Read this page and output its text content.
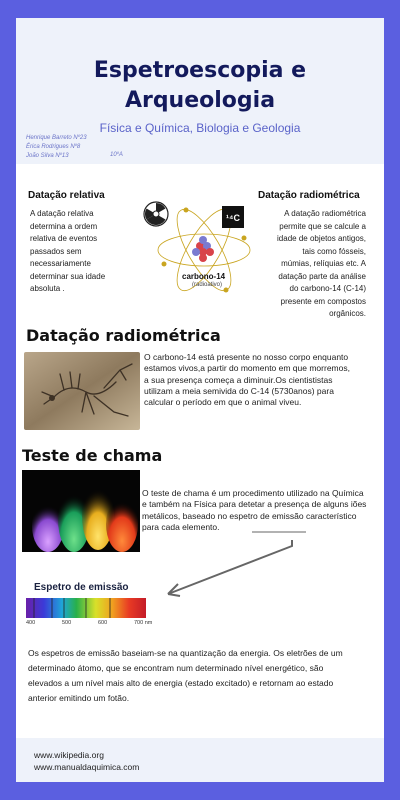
Espetroescopia e
Arqueologia
Física e Química, Biologia e Geologia
Henrique Barreto Nº23
Érica Rodrigues Nº8
João Silva Nº13	10ºA
Datação relativa
A datação relativa
determina a ordem
relativa de eventos
passados sem
necessariamente
determinar sua idade
absoluta .
Datação radiométrica
A datação radiométrica
permite que se calcule a
idade de objetos antigos,
tais como fósseis,
múmias, relíquias etc. A
datação parte da análise
do carbono-14 (C-14)
presente em compostos
orgânicos.
¹⁴C
carbono-14
(radioativo)
Datação radiométrica
O carbono-14 está presente no nosso corpo enquanto
estamos vivos,a partir do momento em que morremos,
a sua presença começa a diminuir.Os cientististas
utilizam a meia semivida do C-14 (5730anos) para
calcular o período em que o animal viveu.
Teste de chama
O teste de chama é um procedimento utilizado na Química
e também na Física para detetar a presença de alguns iões
metálicos, baseado no espetro de emissão característico
para cada elemento.
Espetro de emissão
400	500	600	700 nm
Os espetros de emissão baseiam-se na quantização da energia. Os eletrões de um
determinado átomo, que se encontram num determinado nível energético, são
elevados a um nível mais alto de energia (estado excitado) e retornam ao estado
anterior emitindo um fotão.
www.wikipedia.org
www.manualdaquimica.com
